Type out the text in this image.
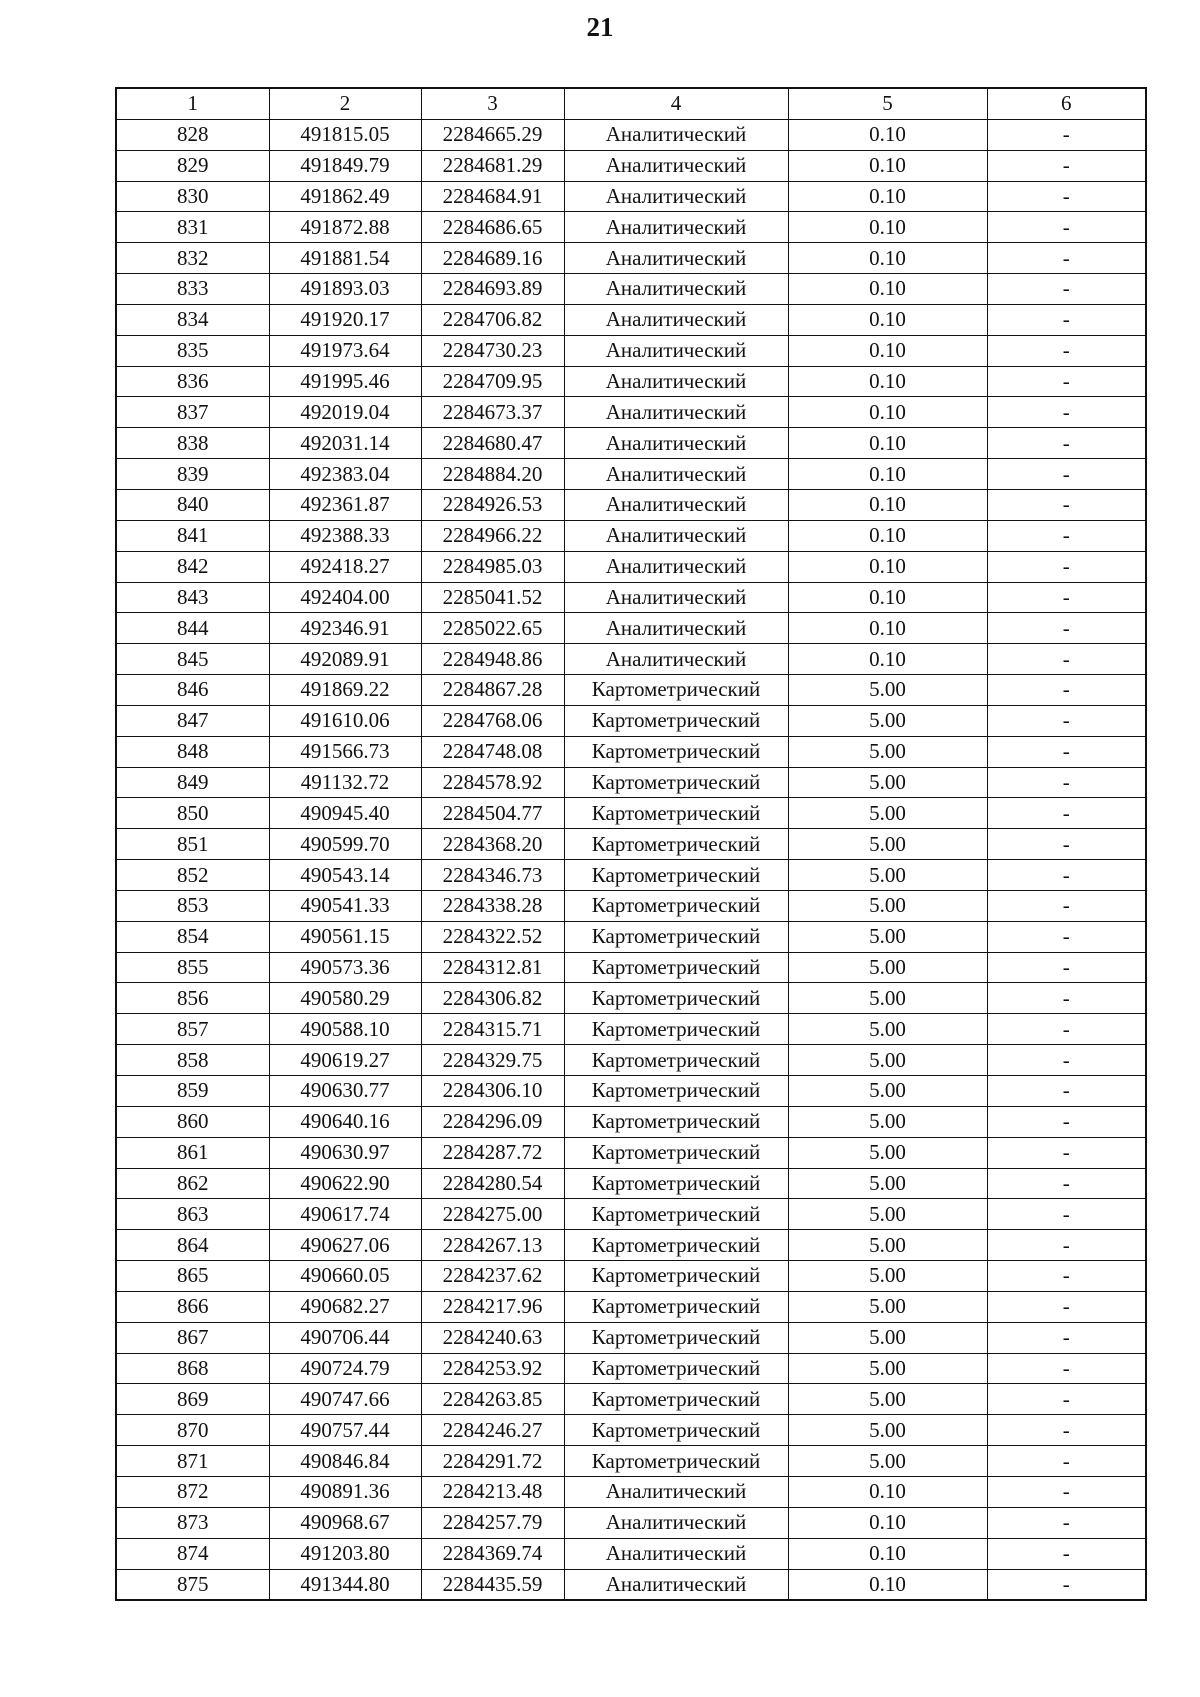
21
1	2	3	4	5	6
828	491815.05	2284665.29	Аналитический	0.10	-
829	491849.79	2284681.29	Аналитический	0.10	-
830	491862.49	2284684.91	Аналитический	0.10	-
831	491872.88	2284686.65	Аналитический	0.10	-
832	491881.54	2284689.16	Аналитический	0.10	-
833	491893.03	2284693.89	Аналитический	0.10	-
834	491920.17	2284706.82	Аналитический	0.10	-
835	491973.64	2284730.23	Аналитический	0.10	-
836	491995.46	2284709.95	Аналитический	0.10	-
837	492019.04	2284673.37	Аналитический	0.10	-
838	492031.14	2284680.47	Аналитический	0.10	-
839	492383.04	2284884.20	Аналитический	0.10	-
840	492361.87	2284926.53	Аналитический	0.10	-
841	492388.33	2284966.22	Аналитический	0.10	-
842	492418.27	2284985.03	Аналитический	0.10	-
843	492404.00	2285041.52	Аналитический	0.10	-
844	492346.91	2285022.65	Аналитический	0.10	-
845	492089.91	2284948.86	Аналитический	0.10	-
846	491869.22	2284867.28	Картометрический	5.00	-
847	491610.06	2284768.06	Картометрический	5.00	-
848	491566.73	2284748.08	Картометрический	5.00	-
849	491132.72	2284578.92	Картометрический	5.00	-
850	490945.40	2284504.77	Картометрический	5.00	-
851	490599.70	2284368.20	Картометрический	5.00	-
852	490543.14	2284346.73	Картометрический	5.00	-
853	490541.33	2284338.28	Картометрический	5.00	-
854	490561.15	2284322.52	Картометрический	5.00	-
855	490573.36	2284312.81	Картометрический	5.00	-
856	490580.29	2284306.82	Картометрический	5.00	-
857	490588.10	2284315.71	Картометрический	5.00	-
858	490619.27	2284329.75	Картометрический	5.00	-
859	490630.77	2284306.10	Картометрический	5.00	-
860	490640.16	2284296.09	Картометрический	5.00	-
861	490630.97	2284287.72	Картометрический	5.00	-
862	490622.90	2284280.54	Картометрический	5.00	-
863	490617.74	2284275.00	Картометрический	5.00	-
864	490627.06	2284267.13	Картометрический	5.00	-
865	490660.05	2284237.62	Картометрический	5.00	-
866	490682.27	2284217.96	Картометрический	5.00	-
867	490706.44	2284240.63	Картометрический	5.00	-
868	490724.79	2284253.92	Картометрический	5.00	-
869	490747.66	2284263.85	Картометрический	5.00	-
870	490757.44	2284246.27	Картометрический	5.00	-
871	490846.84	2284291.72	Картометрический	5.00	-
872	490891.36	2284213.48	Аналитический	0.10	-
873	490968.67	2284257.79	Аналитический	0.10	-
874	491203.80	2284369.74	Аналитический	0.10	-
875	491344.80	2284435.59	Аналитический	0.10	-
